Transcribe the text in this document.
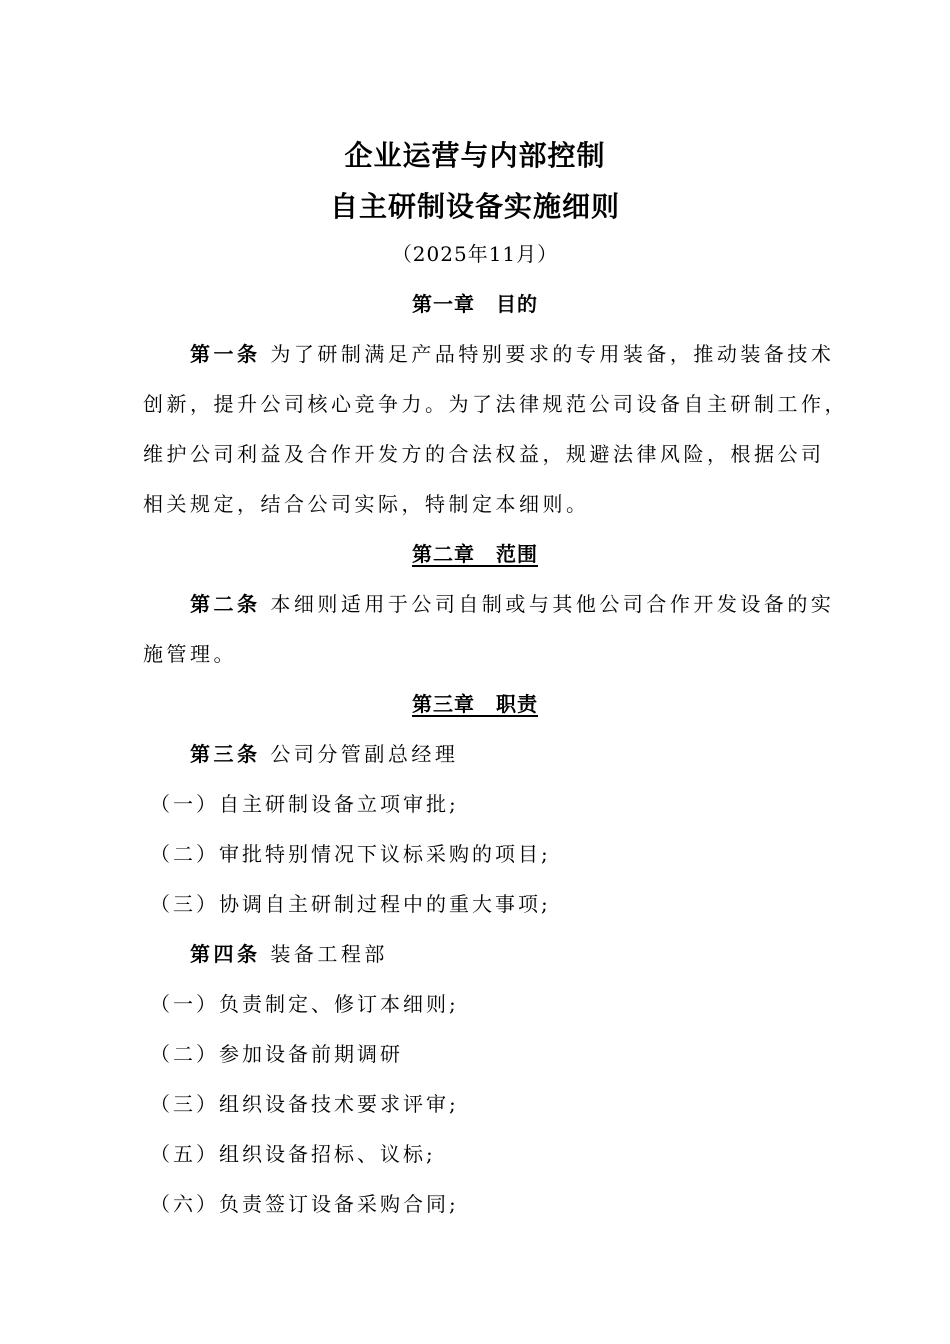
企业运营与内部控制
自主研制设备实施细则
（2025年11月）
第一章　目的
第一条 为了研制满足产品特别要求的专用装备，推动装备技术
创新，提升公司核心竞争力。为了法律规范公司设备自主研制工作，
维护公司利益及合作开发方的合法权益，规避法律风险，根据公司
相关规定，结合公司实际，特制定本细则。
第二章　范围
第二条 本细则适用于公司自制或与其他公司合作开发设备的实
施管理。
第三章　职责
第三条 公司分管副总经理
（一）自主研制设备立项审批;
（二）审批特别情况下议标采购的项目;
（三）协调自主研制过程中的重大事项;
第四条 装备工程部
（一）负责制定、修订本细则;
（二）参加设备前期调研
（三）组织设备技术要求评审;
（五）组织设备招标、议标;
（六）负责签订设备采购合同;
